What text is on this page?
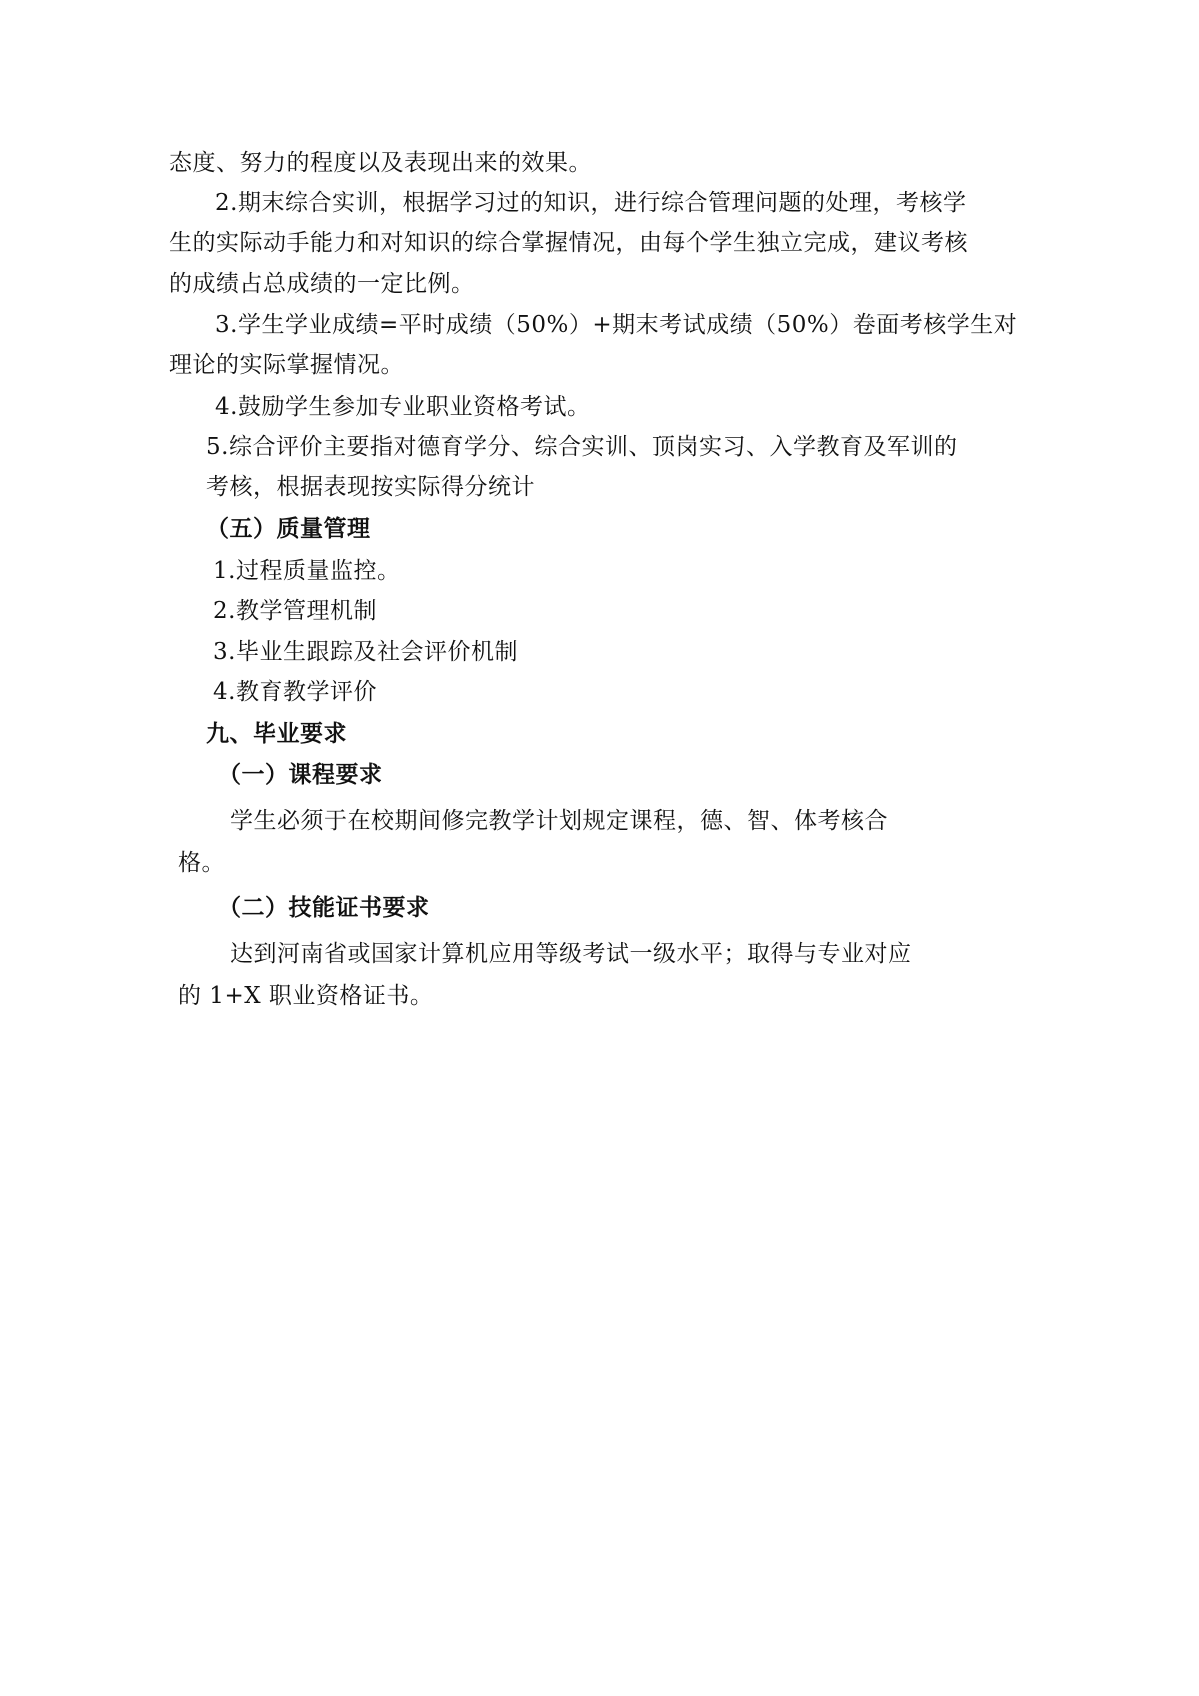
态度、努力的程度以及表现出来的效果。
2.期末综合实训，根据学习过的知识，进行综合管理问题的处理，考核学
生的实际动手能力和对知识的综合掌握情况，由每个学生独立完成，建议考核
的成绩占总成绩的一定比例。
3.学生学业成绩=平时成绩（50%）+期末考试成绩（50%）卷面考核学生对
理论的实际掌握情况。
4.鼓励学生参加专业职业资格考试。
5.综合评价主要指对德育学分、综合实训、顶岗实习、入学教育及军训的
考核，根据表现按实际得分统计
（五）质量管理
1.过程质量监控。
2.教学管理机制
3.毕业生跟踪及社会评价机制
4.教育教学评价
九、毕业要求
（一）课程要求
学生必须于在校期间修完教学计划规定课程，德、智、体考核合
格。
（二）技能证书要求
达到河南省或国家计算机应用等级考试一级水平；取得与专业对应
的 1+X 职业资格证书。
